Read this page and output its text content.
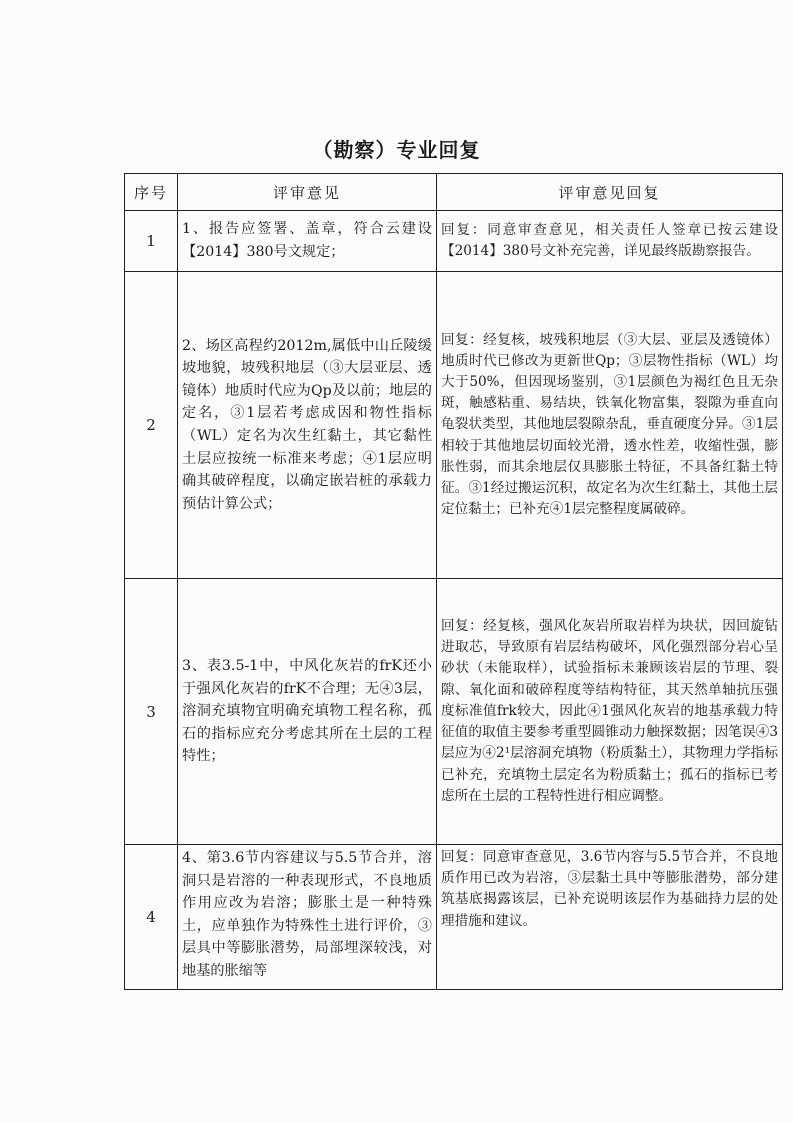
（勘察）专业回复
序号	评审意见	评审意见回复
1	1、报告应签署、盖章，符合云建设【2014】380号文规定；	回复：同意审查意见，相关责任人签章已按云建设【2014】380号文补充完善，详见最终版勘察报告。
2	2、场区高程约2012m,属低中山丘陵缓坡地貌，坡残积地层（③大层亚层、透镜体）地质时代应为Qp及以前；地层的定名，③1层若考虑成因和物性指标（WL）定名为次生红黏土，其它黏性土层应按统一标准来考虑；④1层应明确其破碎程度，以确定嵌岩桩的承载力预估计算公式；	回复：经复核，坡残积地层（③大层、亚层及透镜体）地质时代已修改为更新世Qp；③层物性指标（WL）均大于50%，但因现场鉴别，③1层颜色为褐红色且无杂斑，触感粘重、易结块，铁氧化物富集，裂隙为垂直向龟裂状类型，其他地层裂隙杂乱，垂直硬度分异。③1层相较于其他地层切面较光滑，透水性差，收缩性强，膨胀性弱，而其余地层仅具膨胀土特征，不具备红黏土特征。③1经过搬运沉积，故定名为次生红黏土，其他土层定位黏土；已补充④1层完整程度属破碎。
3	3、表3.5-1中，中风化灰岩的frK还小于强风化灰岩的frK不合理；无④3层，溶洞充填物宜明确充填物工程名称，孤石的指标应充分考虑其所在土层的工程特性；	回复：经复核，强风化灰岩所取岩样为块状，因回旋钻进取芯，导致原有岩层结构破坏，风化强烈部分岩心呈砂状（未能取样），试验指标未兼顾该岩层的节理、裂隙、氧化面和破碎程度等结构特征，其天然单轴抗压强度标准值frk较大，因此④1强风化灰岩的地基承载力特征值的取值主要参考重型圆锥动力触探数据；因笔误④3层应为④2¹层溶洞充填物（粉质黏土），其物理力学指标已补充，充填物土层定名为粉质黏土；孤石的指标已考虑所在土层的工程特性进行相应调整。
4	4、第3.6节内容建议与5.5节合并，溶洞只是岩溶的一种表现形式，不良地质作用应改为岩溶；膨胀土是一种特殊土，应单独作为特殊性土进行评价，③层具中等膨胀潜势，局部埋深较浅，对地基的胀缩等	回复：同意审查意见，3.6节内容与5.5节合并，不良地质作用已改为岩溶，③层黏土具中等膨胀潜势，部分建筑基底揭露该层，已补充说明该层作为基础持力层的处理措施和建议。
